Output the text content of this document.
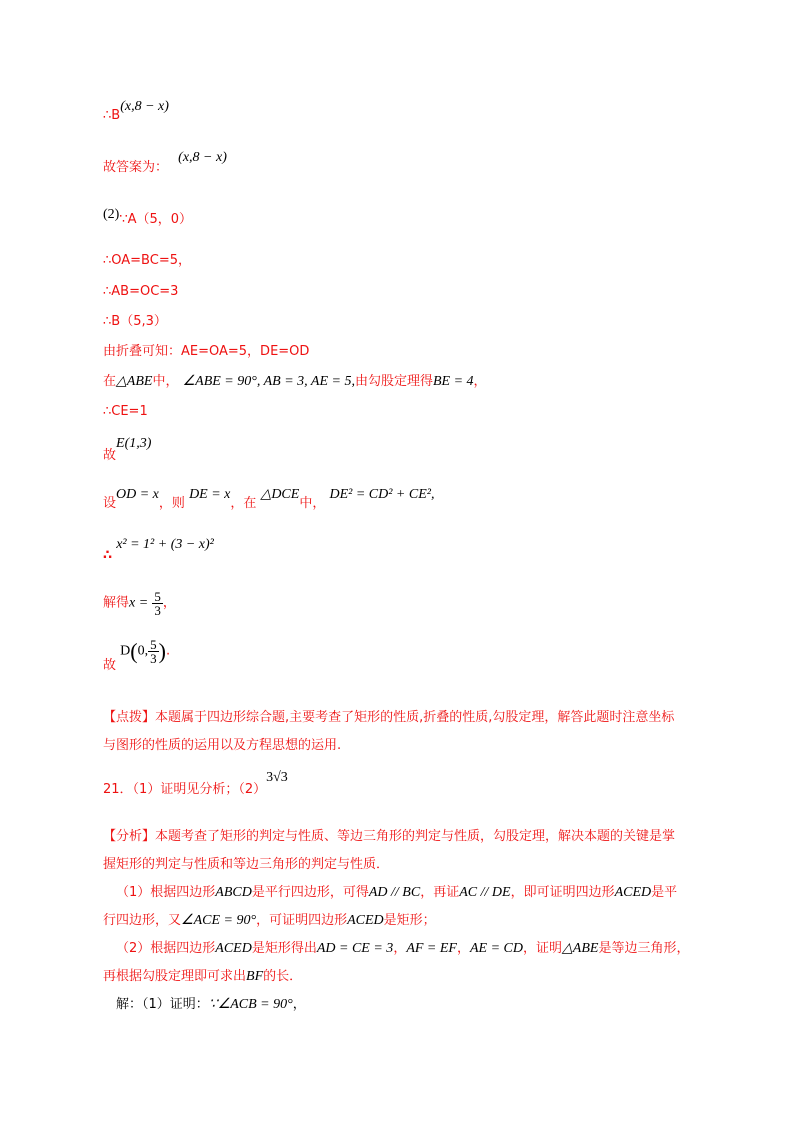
∴B(x,8 − x)
故答案为： (x,8 − x)
(2)∵A（5，0）
∴OA=BC=5，
∴AB=OC=3
∴B（5,3）
由折叠可知：AE=OA=5，DE=OD
在△ABE中， ∠ABE = 90°, AB = 3, AE = 5,由勾股定理得BE = 4，
∴CE=1
故E(1,3)
设OD = x，则 DE = x，在 △DCE中， DE² = CD² + CE²,
∴ x² = 1² + (3 − x)²
解得$x = \frac{5}{3}$ ，
故 D(0, $\frac{5}{3}$ ).
【点拨】本题属于四边形综合题,主要考查了矩形的性质,折叠的性质,勾股定理，解答此题时注意坐标
与图形的性质的运用以及方程思想的运用.
21．（1）证明见分析；（2）3√3
【分析】本题考查了矩形的判定与性质、等边三角形的判定与性质，勾股定理，解决本题的关键是掌
握矩形的判定与性质和等边三角形的判定与性质．
（1）根据四边形ABCD是平行四边形，可得AD // BC，再证AC // DE，即可证明四边形ACED是平
行四边形，又∠ACE = 90°，可证明四边形ACED是矩形；
（2）根据四边形ACED是矩形得出AD = CE = 3，AF = EF，AE = CD，证明△ABE是等边三角形，
再根据勾股定理即可求出BF的长．
解：（1）证明：∵∠ACB = 90°，
